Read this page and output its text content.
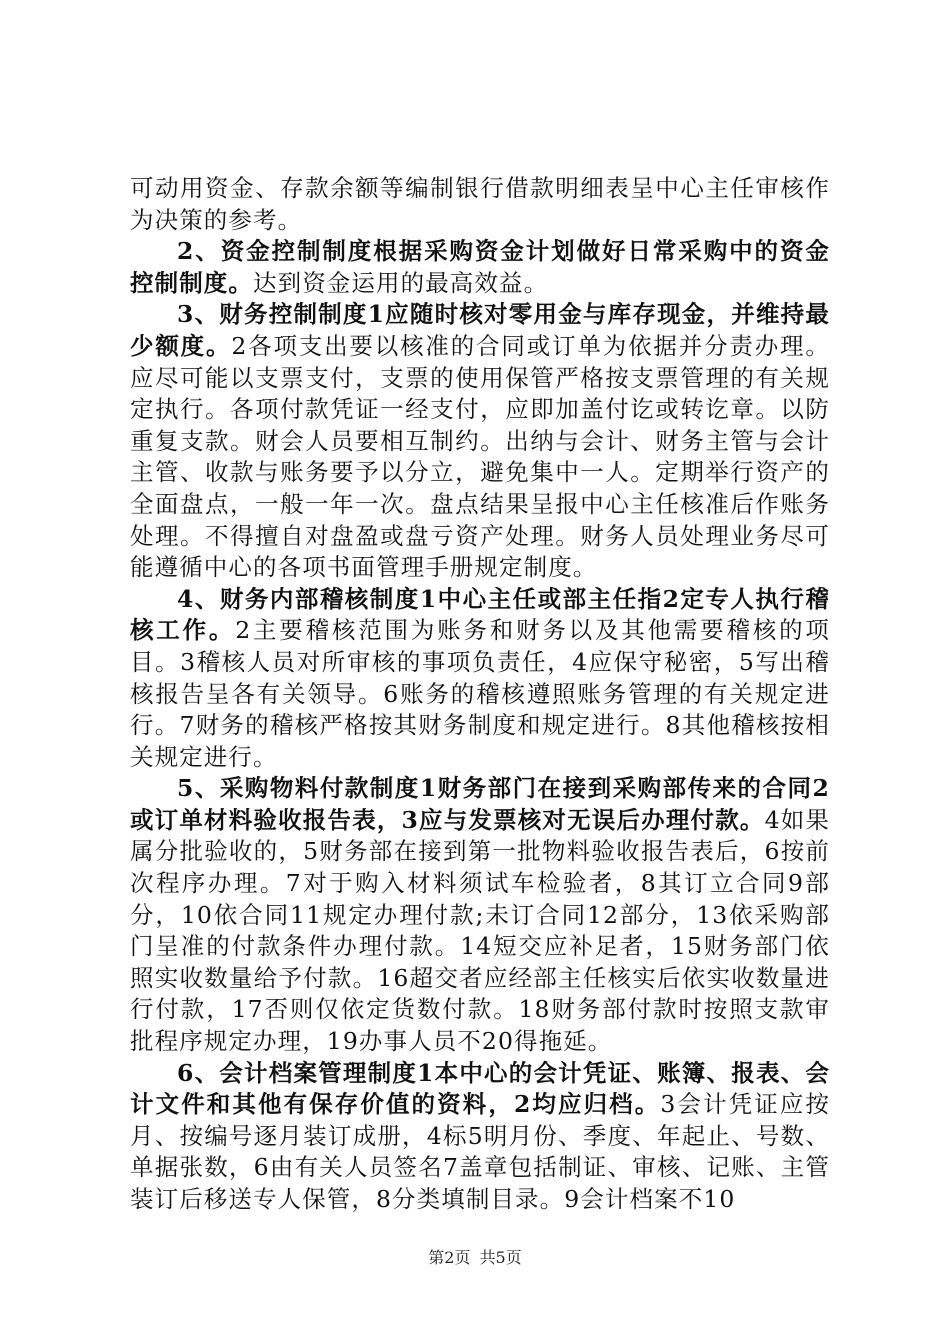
可动用资金、存款余额等编制银行借款明细表呈中心主任审核作为决策的参考。

2、资金控制制度根据采购资金计划做好日常采购中的资金控制制度。达到资金运用的最高效益。

3、财务控制制度1应随时核对零用金与库存现金，并维持最少额度。2各项支出要以核准的合同或订单为依据并分责办理。应尽可能以支票支付，支票的使用保管严格按支票管理的有关规定执行。各项付款凭证一经支付，应即加盖付讫或转讫章。以防重复支款。财会人员要相互制约。出纳与会计、财务主管与会计主管、收款与账务要予以分立，避免集中一人。定期举行资产的全面盘点，一般一年一次。盘点结果呈报中心主任核准后作账务处理。不得擅自对盘盈或盘亏资产处理。财务人员处理业务尽可能遵循中心的各项书面管理手册规定制度。

4、财务内部稽核制度1中心主任或部主任指2定专人执行稽核工作。2主要稽核范围为账务和财务以及其他需要稽核的项目。3稽核人员对所审核的事项负责任，4应保守秘密，5写出稽核报告呈各有关领导。6账务的稽核遵照账务管理的有关规定进行。7财务的稽核严格按其财务制度和规定进行。8其他稽核按相关规定进行。

5、采购物料付款制度1财务部门在接到采购部传来的合同2或订单材料验收报告表，3应与发票核对无误后办理付款。4如果属分批验收的，5财务部在接到第一批物料验收报告表后，6按前次程序办理。7对于购入材料须试车检验者，8其订立合同9部分，10依合同11规定办理付款;未订合同12部分，13依采购部门呈准的付款条件办理付款。14短交应补足者，15财务部门依照实收数量给予付款。16超交者应经部主任核实后依实收数量进行付款，17否则仅依定货数付款。18财务部付款时按照支款审批程序规定办理，19办事人员不20得拖延。

6、会计档案管理制度1本中心的会计凭证、账簿、报表、会计文件和其他有保存价值的资料，2均应归档。3会计凭证应按月、按编号逐月装订成册，4标5明月份、季度、年起止、号数、单据张数，6由有关人员签名7盖章包括制证、审核、记账、主管装订后移送专人保管，8分类填制目录。9会计档案不10

第2页 共5页
